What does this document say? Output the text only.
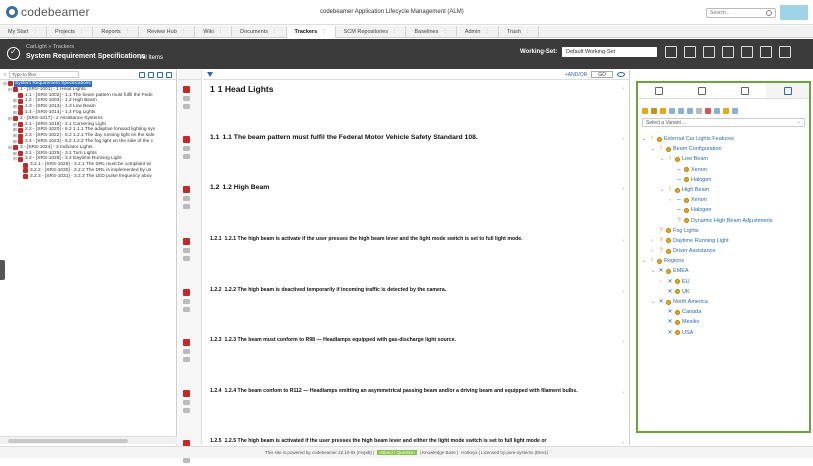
codebeamer	codebeamer Application Lifecycle Management (ALM)	Search...
My Start ⋮	Projects ⋮	Reports ⋮	Review Hub ⋮	Wiki ⋮	Documents ⋮	Trackers ⋮	SCM Repositories ⋮	Baselines ⋮	Admin ⋮	Trash ⋮
✓
CarLight » Trackers
System Requirement Specifications
All Items
Working-Set:	Default Working-Set
‹	Type to filter
⊟ System Requirement Specifications
⊟ 1 - [SRS-1001] - 1 Head Lights
1.1 - [SRS-1002] - 1.1 The beam pattern must fulfil the Fede
⊞ 1.2 - [SRS-1003] - 1.2 High Beam
⊞ 1.3 - [SRS-1013] - 1.3 Low Beam
⊞ 1.4 - [SRS-1014] - 1.4 Fog Lights
⊟ 2 - [SRS-1017] - 2 Assistance Systems
⊞ 2.1 - [SRS-1018] - 2.1 Cornering Light
⊞ 2.2 - [SRS-1020] - 6.2 1.1.1 The adaptive forward lighting sys
⊞ 2.3 - [SRS-1022] - 6.2 1.2.1 The day running light on the side
⊞ 2.4 - [SRS-1023] - 6.2 1.2.2 The fog light on the side of the c
⊟ 3 - [SRS-1024] - 3 Indicator Lights
⊞ 3.1 - [SRS-1025] - 3.1 Turn Lights
⊟ 3.2 - [SRS-1028] - 3.2 Daytime Running Light
3.2.1 - [SRS-1029] - 3.2.1 The DRL must be compliant wi
3.2.2 - [SRS-1030] - 3.2.2 The DRL is implemented by us
3.2.3 - [SRS-1031] - 3.2.3 The LED pulse frequency abov
+AND/OR	GO
1 1 Head Lights	›
1.1 1.1 The beam pattern must fulfil the Federal Motor Vehicle Safety Standard 108.	›
1.2 1.2 High Beam	›
1.2.1 1.2.1 The high beam is activate if the user presses the high beam lever and the light mode switch is set to full light mode.	›
1.2.2 1.2.2 The high beam is deactived temporarily if incoming traffic is detected by the camera.	›
1.2.3 1.2.3 The beam must conform to R98 — Headlamps equipped with gas-discharge light source.	›
1.2.4 1.2.4 The beam confom to R112 — Headlamps emitting an asymmetrical passing beam and/or a driving beam and equipped with filament bulbs.	›
1.2.5 1.2.5 The high beam is activated if the user presses the high beam lever and either the light mode switch is set to full light mode or	›
Select a Variant ... ⌄
⌄ !	External Car Lights Features
⌄ !	Beam Configuration
⌄ !	Low Beam
⇔ Xenon
⇔ Halogen
⌄ !	High Beam
› ⇔ Xenon
⇔ Halogen
? Dynamic High Beam Adjustments
? Fog Lights
›	? Daytime Running Light
›	? Driver Assistance
⌄ !	Regions
⌄ ✕ EMEA
› ✕ EU
✕ UK
⌄ ✕ North America
✕ Canada
✕ Mexiko
✕ USA
This site is powered by codebeamer 22.10-lts (mvpdt) |	Intland / Question	| Knowledge Base | Hotkeys | Licensed by pure-systems (Dev1)
